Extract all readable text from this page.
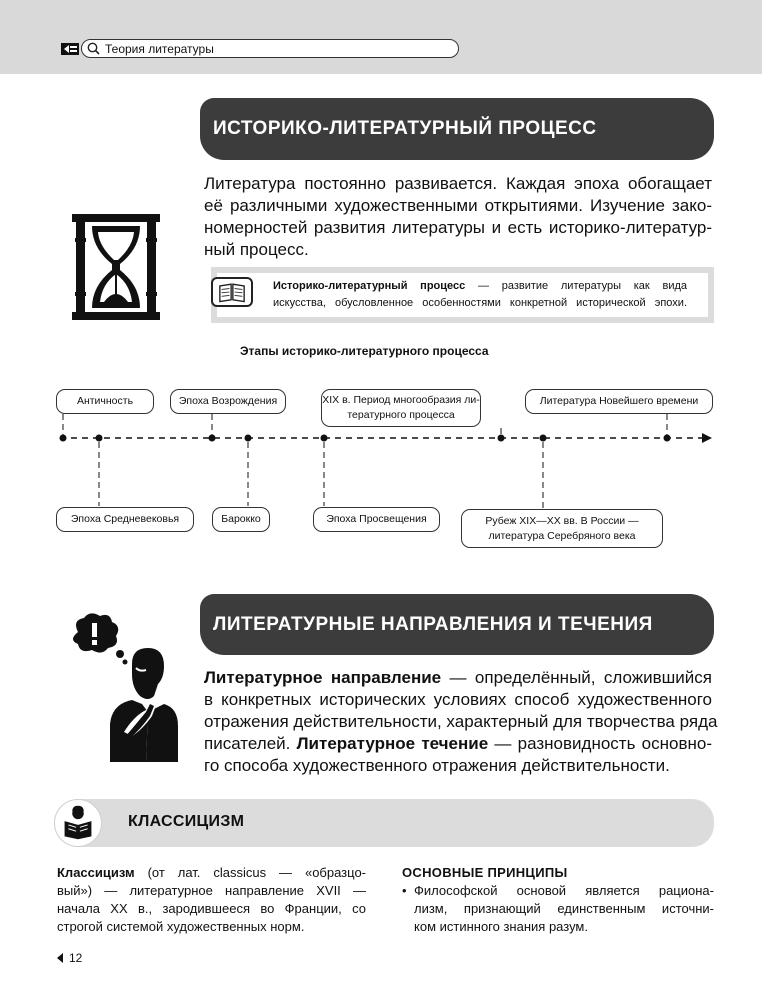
Теория литературы
ИСТОРИКО-ЛИТЕРАТУРНЫЙ ПРОЦЕСС
Литература постоянно развивается. Каждая эпоха обогащает
её различными художественными открытиями. Изучение зако-
номерностей развития литературы и есть историко-литератур-
ный процесс.
Историко-литературный процесс — развитие литературы как вида
искусства, обусловленное особенностями конкретной исторической эпохи.
Этапы историко-литературного процесса
Античность	Эпоха Возрождения	XIX в. Период многообразия ли-
тературного процесса
Литература Новейшего времени
Эпоха Средневековья	Барокко	Эпоха Просвещения	Рубеж XIX—XX вв. В России —
литература Серебряного века
ЛИТЕРАТУРНЫЕ НАПРАВЛЕНИЯ И ТЕЧЕНИЯ
Литературное направление — определённый, сложившийся
в конкретных исторических условиях способ художественного
отражения действительности, характерный для творчества ряда
писателей. Литературное течение — разновидность основно-
го способа художественного отражения действительности.
КЛАССИЦИЗМ
Классицизм (от лат. classicus — «образцо-
вый») — литературное направление XVII —
начала XX в., зародившееся во Франции, со
строгой системой художественных норм.
ОСНОВНЫЕ ПРИНЦИПЫ
• Философской основой является рациона-
лизм, признающий единственным источни-
ком истинного знания разум.
12
